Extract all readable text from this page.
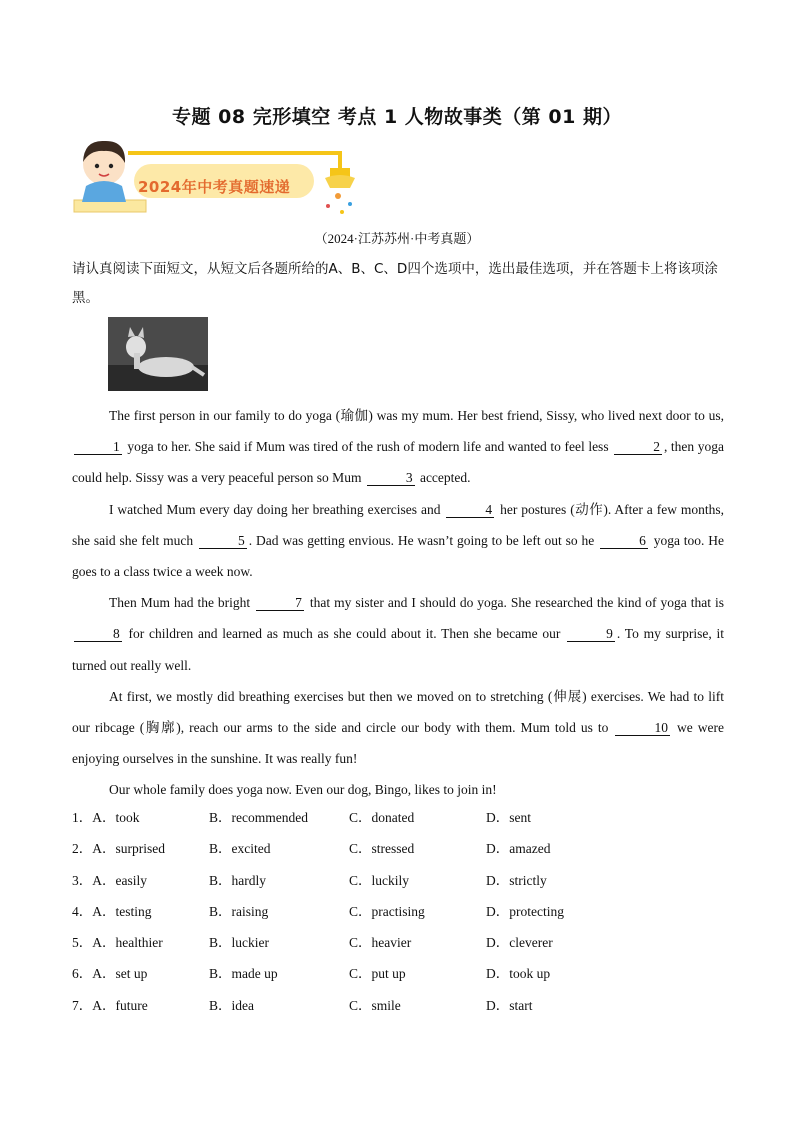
专题 08 完形填空 考点 1 人物故事类（第 01 期）
2024年中考真题速递
（2024·江苏苏州·中考真题）
请认真阅读下面短文，从短文后各题所给的A、B、C、D四个选项中，选出最佳选项，并在答题卡上将该项涂黑。

The first person in our family to do yoga (瑜伽) was my mum. Her best friend, Sissy, who lived next door to us, 1 yoga to her. She said if Mum was tired of the rush of modern life and wanted to feel less	2 , then yoga could help. Sissy was a very peaceful person so Mum	3 accepted.

I watched Mum every day doing her breathing exercises and	4 her postures (动作). After a few months, she said she felt much	5 . Dad was getting envious. He wasn’t going to be left out so he	6 yoga too. He goes to a class twice a week now.

Then Mum had the bright	7 that my sister and I should do yoga. She researched the kind of yoga that is 8 for children and learned as much as she could about it. Then she became our	9 . To my surprise, it turned out really well.

At first, we mostly did breathing exercises but then we moved on to stretching (伸展) exercises. We had to lift our ribcage (胸廓), reach our arms to the side and circle our body with them. Mum told us to	10 we were enjoying ourselves in the sunshine. It was really fun!

Our whole family does yoga now. Even our dog, Bingo, likes to join in!

1．A．took	B．recommended	C．donated	D．sent
2．A．surprised	B．excited	C．stressed	D．amazed
3．A．easily	B．hardly	C．luckily	D．strictly
4．A．testing	B．raising	C．practising	D．protecting
5．A．healthier	B．luckier	C．heavier	D．cleverer
6．A．set up	B．made up	C．put up	D．took up
7．A．future	B．idea	C．smile	D．start
